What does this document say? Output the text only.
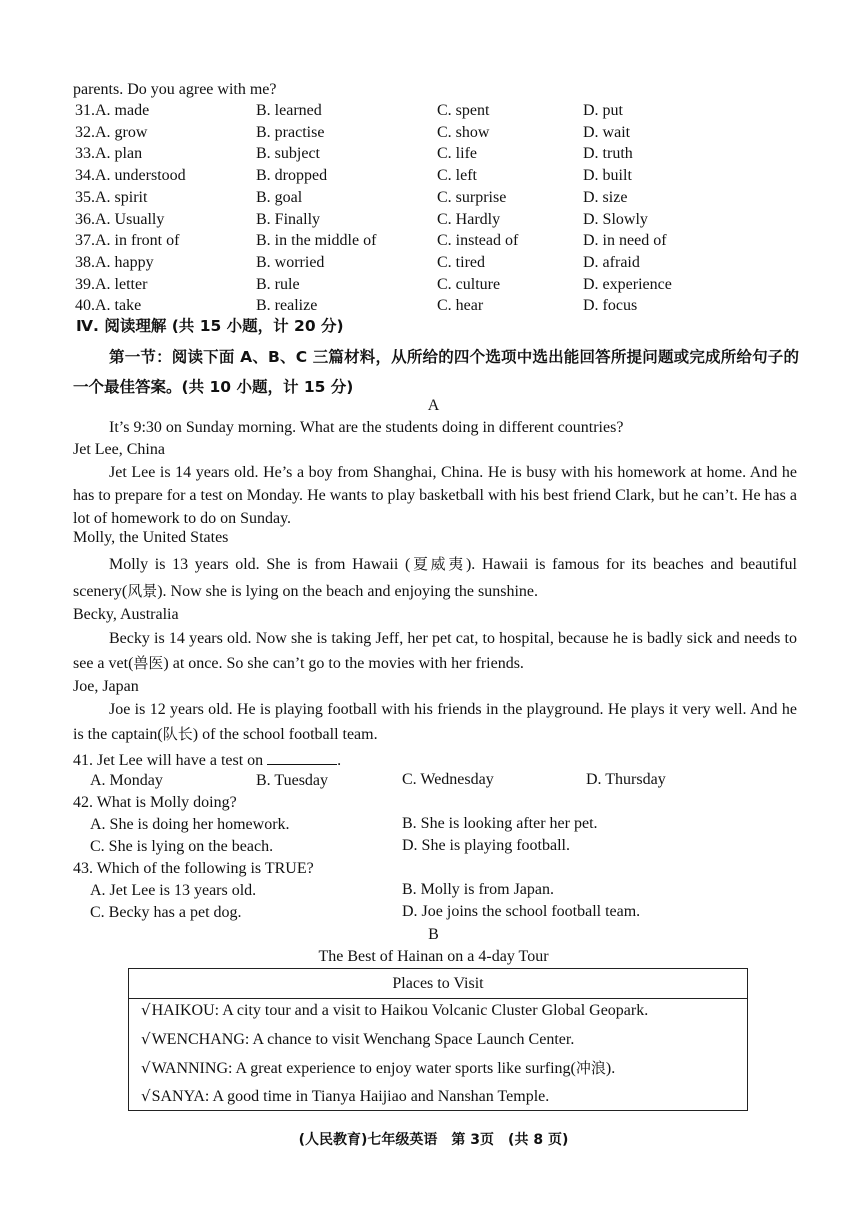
parents. Do you agree with me?
31.A. made	B. learned	C. spent	D. put
32.A. grow	B. practise	C. show	D. wait
33.A. plan	B. subject	C. life	D. truth
34.A. understood	B. dropped	C. left	D. built
35.A. spirit	B. goal	C. surprise	D. size
36.A. Usually	B. Finally	C. Hardly	D. Slowly
37.A. in front of	B. in the middle of	C. instead of	D. in need of
38.A. happy	B. worried	C. tired	D. afraid
39.A. letter	B. rule	C. culture	D. experience
40.A. take	B. realize	C. hear	D. focus
Ⅳ. 阅读理解 (共 15 小题，计 20 分)
第一节：阅读下面 A、B、C 三篇材料，从所给的四个选项中选出能回答所提问题或完成所给句子的一个最佳答案。(共 10 小题，计 15 分)
A
It’s 9:30 on Sunday morning. What are the students doing in different countries?
Jet Lee, China
Jet Lee is 14 years old. He’s a boy from Shanghai, China. He is busy with his homework at home. And he has to prepare for a test on Monday. He wants to play basketball with his best friend Clark, but he can’t. He has a lot of homework to do on Sunday.
Molly, the United States
Molly is 13 years old. She is from Hawaii (夏威夷). Hawaii is famous for its beaches and beautiful scenery(风景). Now she is lying on the beach and enjoying the sunshine.
Becky, Australia
Becky is 14 years old. Now she is taking Jeff, her pet cat, to hospital, because he is badly sick and needs to see a vet(兽医) at once. So she can’t go to the movies with her friends.
Joe, Japan
Joe is 12 years old. He is playing football with his friends in the playground. He plays it very well. And he is the captain(队长) of the school football team.
41. Jet Lee will have a test on	.
A. Monday	B. Tuesday	C. Wednesday	D. Thursday
42. What is Molly doing?
A. She is doing her homework.	B. She is looking after her pet.
C. She is lying on the beach.	D. She is playing football.
43. Which of the following is TRUE?
A. Jet Lee is 13 years old.	B. Molly is from Japan.
C. Becky has a pet dog.	D. Joe joins the school football team.
B
The Best of Hainan on a 4-day Tour
Places to Visit
√HAIKOU: A city tour and a visit to Haikou Volcanic Cluster Global Geopark.
√WENCHANG: A chance to visit Wenchang Space Launch Center.
√WANNING: A great experience to enjoy water sports like surfing(冲浪).
√SANYA: A good time in Tianya Haijiao and Nanshan Temple.
(人民教育)七年级英语　第 3页　(共 8 页)
